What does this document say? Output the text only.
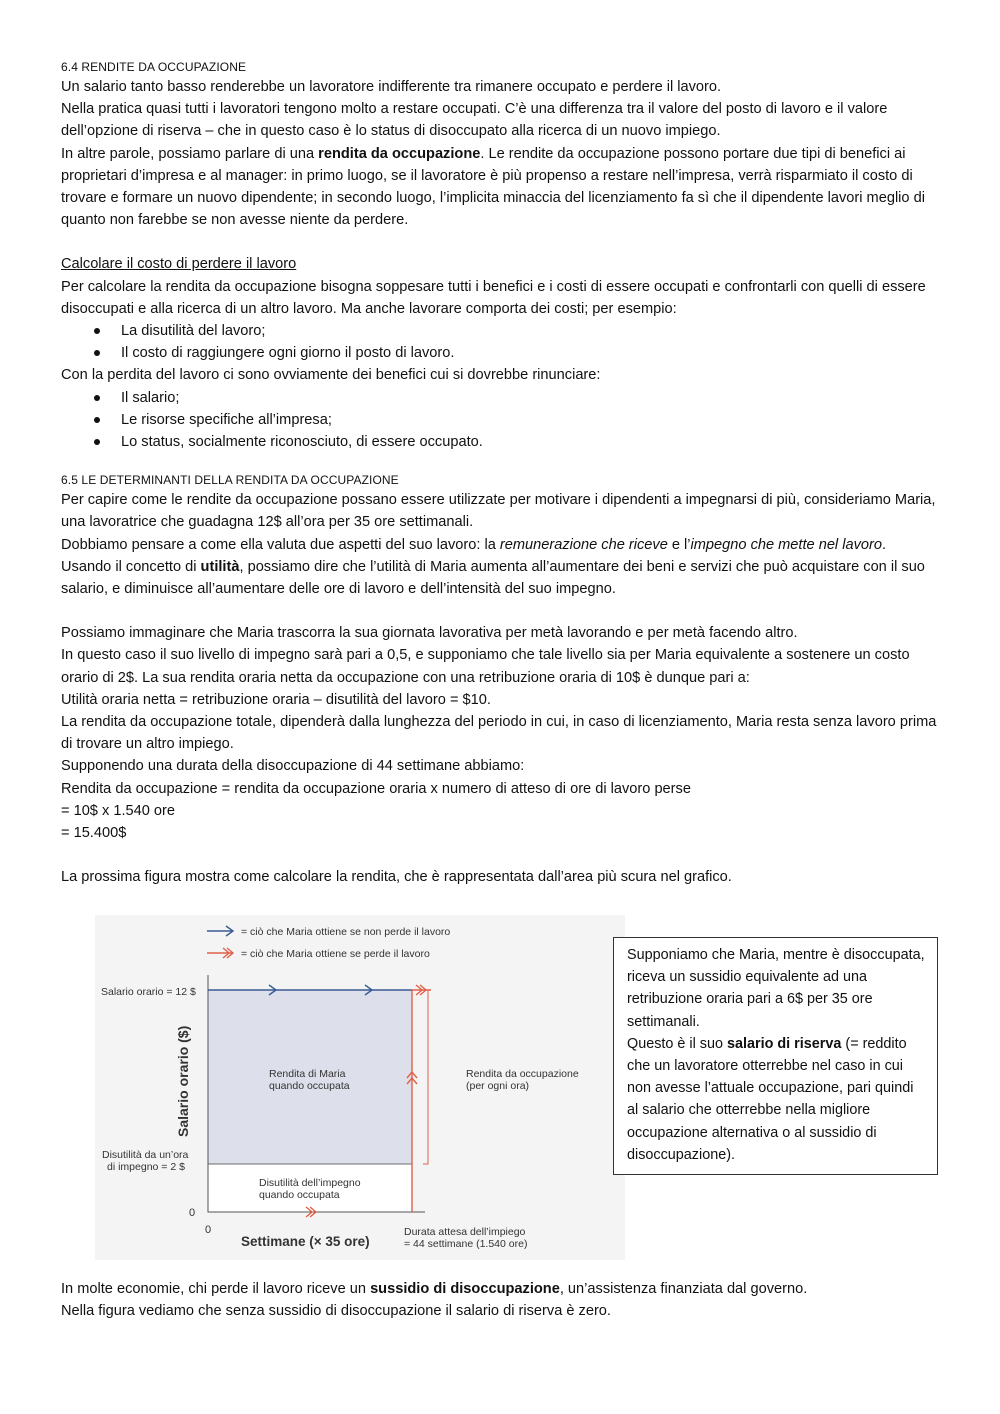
6.4 RENDITE DA OCCUPAZIONE

Un salario tanto basso renderebbe un lavoratore indifferente tra rimanere occupato e perdere il lavoro.

Nella pratica quasi tutti i lavoratori tengono molto a restare occupati. C’è una differenza tra il valore del posto di lavoro e il valore dell’opzione di riserva – che in questo caso è lo status di disoccupato alla ricerca di un nuovo impiego.

In altre parole, possiamo parlare di una rendita da occupazione. Le rendite da occupazione possono portare due tipi di benefici ai proprietari d’impresa e al manager: in primo luogo, se il lavoratore è più propenso a restare nell’impresa, verrà risparmiato il costo di trovare e formare un nuovo dipendente; in secondo luogo, l’implicita minaccia del licenziamento fa sì che il dipendente lavori meglio di quanto non farebbe se non avesse niente da perdere.

Calcolare il costo di perdere il lavoro

Per calcolare la rendita da occupazione bisogna soppesare tutti i benefici e i costi di essere occupati e confrontarli con quelli di essere disoccupati e alla ricerca di un altro lavoro. Ma anche lavorare comporta dei costi; per esempio:

La disutilità del lavoro;
Il costo di raggiungere ogni giorno il posto di lavoro.

Con la perdita del lavoro ci sono ovviamente dei benefici cui si dovrebbe rinunciare:

Il salario;
Le risorse specifiche all’impresa;
Lo status, socialmente riconosciuto, di essere occupato.

6.5 LE DETERMINANTI DELLA RENDITA DA OCCUPAZIONE

Per capire come le rendite da occupazione possano essere utilizzate per motivare i dipendenti a impegnarsi di più, consideriamo Maria, una lavoratrice che guadagna 12$ all’ora per 35 ore settimanali.

Dobbiamo pensare a come ella valuta due aspetti del suo lavoro: la remunerazione che riceve e l’impegno che mette nel lavoro.

Usando il concetto di utilità, possiamo dire che l’utilità di Maria aumenta all’aumentare dei beni e servizi che può acquistare con il suo salario, e diminuisce all’aumentare delle ore di lavoro e dell’intensità del suo impegno.

Possiamo immaginare che Maria trascorra la sua giornata lavorativa per metà lavorando e per metà facendo altro.

In questo caso il suo livello di impegno sarà pari a 0,5, e supponiamo che tale livello sia per Maria equivalente a sostenere un costo orario di 2$. La sua rendita oraria netta da occupazione con una retribuzione oraria di 10$ è dunque pari a:

Utilità oraria netta = retribuzione oraria – disutilità del lavoro = $10.

La rendita da occupazione totale, dipenderà dalla lunghezza del periodo in cui, in caso di licenziamento, Maria resta senza lavoro prima di trovare un altro impiego.

Supponendo una durata della disoccupazione di 44 settimane abbiamo:

Rendita da occupazione = rendita da occupazione oraria x numero di atteso di ore di lavoro perse

= 10$ x 1.540 ore

= 15.400$

La prossima figura mostra come calcolare la rendita, che è rappresentata dall’area più scura nel grafico.

= ciò che Maria ottiene se non perde il lavoro
= ciò che Maria ottiene se perde il lavoro
Salario orario = 12 $
Disutilità da un’ora
di impegno = 2 $
0
0
Salario orario ($)
Settimane (× 35 ore)
Rendita di Maria
quando occupata
Disutilità dell’impegno
quando occupata
Rendita da occupazione
(per ogni ora)
Durata attesa dell’impiego
= 44 settimane (1.540 ore)
Supponiamo che Maria, mentre è disoccupata, riceva un sussidio equivalente ad una retribuzione oraria pari a 6$ per 35 ore settimanali.
Questo è il suo salario di riserva (= reddito che un lavoratore otterrebbe nel caso in cui non avesse l’attuale occupazione, pari quindi al salario che otterrebbe nella migliore occupazione alternativa o al sussidio di disoccupazione).

In molte economie, chi perde il lavoro riceve un sussidio di disoccupazione, un’assistenza finanziata dal governo.

Nella figura vediamo che senza sussidio di disoccupazione il salario di riserva è zero.
